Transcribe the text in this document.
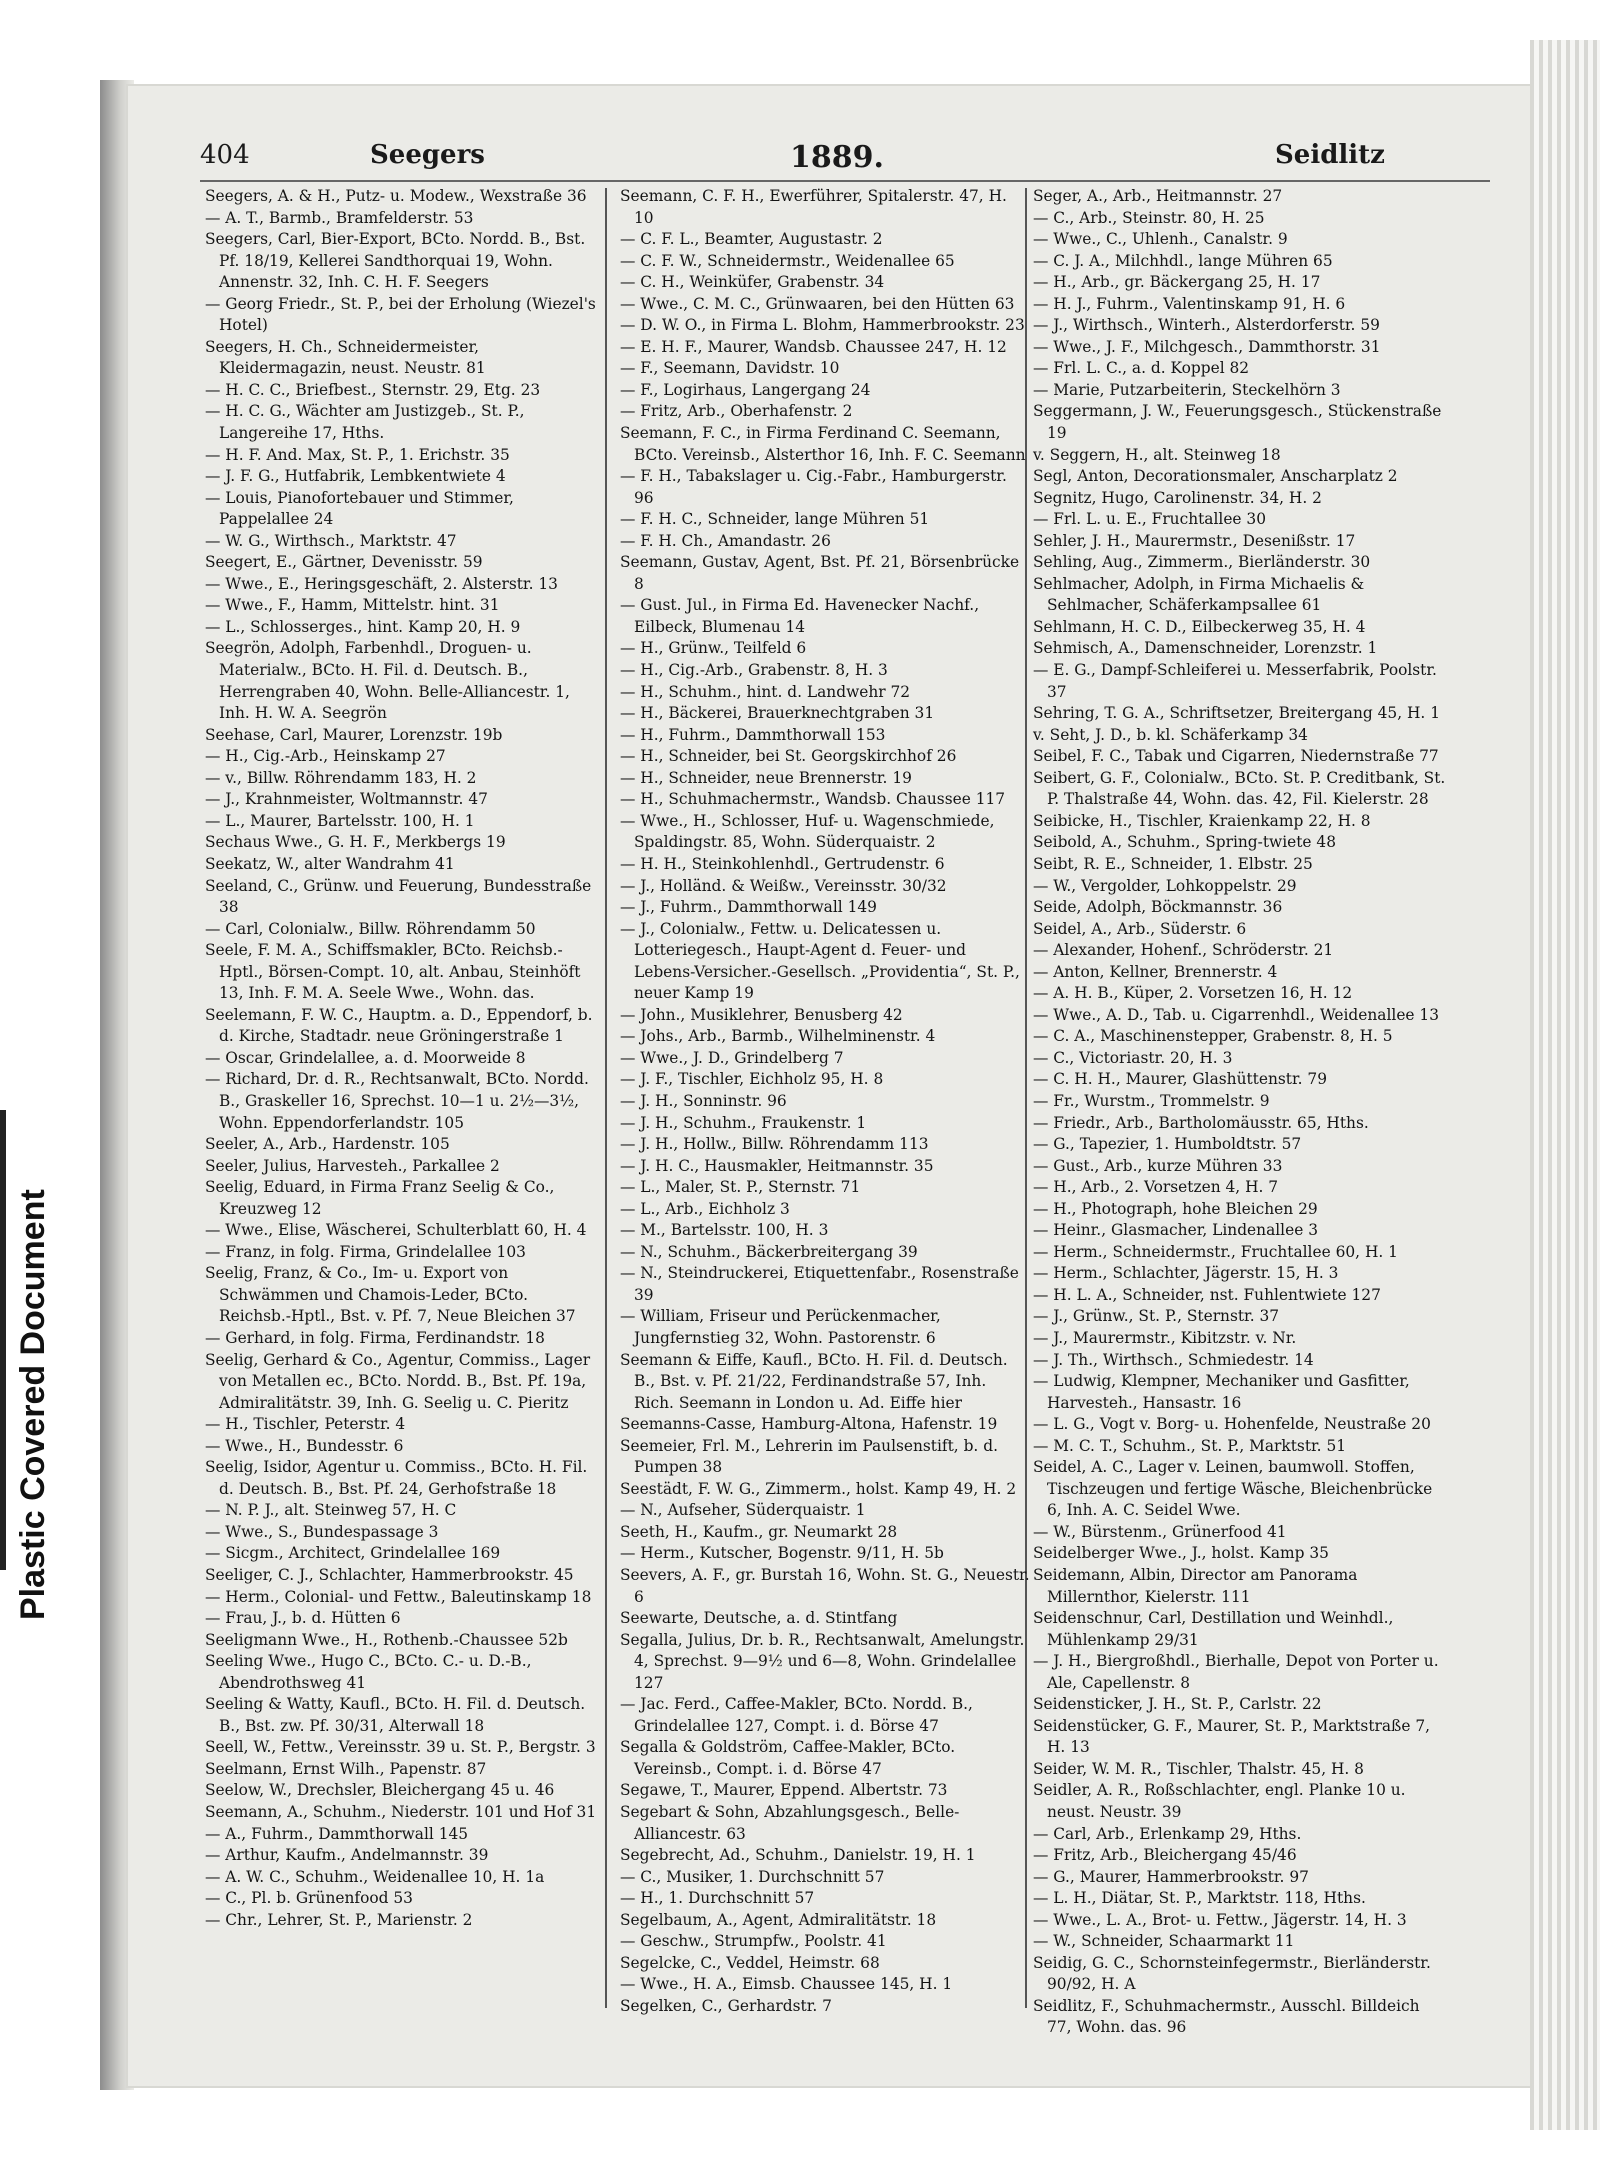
Plastic Covered Document
404	Seegers	1889.	Seidlitz

Seegers, A. & H., Putz- u. Modew., Wexstraße 36

— A. T., Barmb., Bramfelderstr. 53

Seegers, Carl, Bier-Export, BCto. Nordd. B., Bst. Pf. 18/19, Kellerei Sandthorquai 19, Wohn. Annenstr. 32, Inh. C. H. F. Seegers

— Georg Friedr., St. P., bei der Erholung (Wiezel's Hotel)

Seegers, H. Ch., Schneidermeister, Kleidermagazin, neust. Neustr. 81

— H. C. C., Briefbest., Sternstr. 29, Etg. 23

— H. C. G., Wächter am Justizgeb., St. P., Langereihe 17, Hths.

— H. F. And. Max, St. P., 1. Erichstr. 35

— J. F. G., Hutfabrik, Lembkentwiete 4

— Louis, Pianofortebauer und Stimmer, Pappelallee 24

— W. G., Wirthsch., Marktstr. 47

Seegert, E., Gärtner, Devenisstr. 59

— Wwe., E., Heringsgeschäft, 2. Alsterstr. 13

— Wwe., F., Hamm, Mittelstr. hint. 31

— L., Schlosserges., hint. Kamp 20, H. 9

Seegrön, Adolph, Farbenhdl., Droguen- u. Materialw., BCto. H. Fil. d. Deutsch. B., Herrengraben 40, Wohn. Belle-Alliancestr. 1, Inh. H. W. A. Seegrön

Seehase, Carl, Maurer, Lorenzstr. 19b

— H., Cig.-Arb., Heinskamp 27

— v., Billw. Röhrendamm 183, H. 2

— J., Krahnmeister, Woltmannstr. 47

— L., Maurer, Bartelsstr. 100, H. 1

Sechaus Wwe., G. H. F., Merkbergs 19

Seekatz, W., alter Wandrahm 41

Seeland, C., Grünw. und Feuerung, Bundesstraße 38

— Carl, Colonialw., Billw. Röhrendamm 50

Seele, F. M. A., Schiffsmakler, BCto. Reichsb.-Hptl., Börsen-Compt. 10, alt. Anbau, Steinhöft 13, Inh. F. M. A. Seele Wwe., Wohn. das.

Seelemann, F. W. C., Hauptm. a. D., Eppendorf, b. d. Kirche, Stadtadr. neue Gröningerstraße 1

— Oscar, Grindelallee, a. d. Moorweide 8

— Richard, Dr. d. R., Rechtsanwalt, BCto. Nordd. B., Graskeller 16, Sprechst. 10—1 u. 2½—3½, Wohn. Eppendorferlandstr. 105

Seeler, A., Arb., Hardenstr. 105

Seeler, Julius, Harvesteh., Parkallee 2

Seelig, Eduard, in Firma Franz Seelig & Co., Kreuzweg 12

— Wwe., Elise, Wäscherei, Schulterblatt 60, H. 4

— Franz, in folg. Firma, Grindelallee 103

Seelig, Franz, & Co., Im- u. Export von Schwämmen und Chamois-Leder, BCto. Reichsb.-Hptl., Bst. v. Pf. 7, Neue Bleichen 37

— Gerhard, in folg. Firma, Ferdinandstr. 18

Seelig, Gerhard & Co., Agentur, Commiss., Lager von Metallen ec., BCto. Nordd. B., Bst. Pf. 19a, Admiralitätstr. 39, Inh. G. Seelig u. C. Pieritz

— H., Tischler, Peterstr. 4

— Wwe., H., Bundesstr. 6

Seelig, Isidor, Agentur u. Commiss., BCto. H. Fil. d. Deutsch. B., Bst. Pf. 24, Gerhofstraße 18

— N. P. J., alt. Steinweg 57, H. C

— Wwe., S., Bundespassage 3

— Sicgm., Architect, Grindelallee 169

Seeliger, C. J., Schlachter, Hammerbrookstr. 45

— Herm., Colonial- und Fettw., Baleutinskamp 18

— Frau, J., b. d. Hütten 6

Seeligmann Wwe., H., Rothenb.-Chaussee 52b

Seeling Wwe., Hugo C., BCto. C.- u. D.-B., Abendrothsweg 41

Seeling & Watty, Kaufl., BCto. H. Fil. d. Deutsch. B., Bst. zw. Pf. 30/31, Alterwall 18

Seell, W., Fettw., Vereinsstr. 39 u. St. P., Bergstr. 3

Seelmann, Ernst Wilh., Papenstr. 87

Seelow, W., Drechsler, Bleichergang 45 u. 46

Seemann, A., Schuhm., Niederstr. 101 und Hof 31

— A., Fuhrm., Dammthorwall 145

— Arthur, Kaufm., Andelmannstr. 39

— A. W. C., Schuhm., Weidenallee 10, H. 1a

— C., Pl. b. Grünenfood 53

— Chr., Lehrer, St. P., Marienstr. 2

Seemann, C. F. H., Ewerführer, Spitalerstr. 47, H. 10

— C. F. L., Beamter, Augustastr. 2

— C. F. W., Schneidermstr., Weidenallee 65

— C. H., Weinküfer, Grabenstr. 34

— Wwe., C. M. C., Grünwaaren, bei den Hütten 63

— D. W. O., in Firma L. Blohm, Hammerbrookstr. 23

— E. H. F., Maurer, Wandsb. Chaussee 247, H. 12

— F., Seemann, Davidstr. 10

— F., Logirhaus, Langergang 24

— Fritz, Arb., Oberhafenstr. 2

Seemann, F. C., in Firma Ferdinand C. Seemann, BCto. Vereinsb., Alsterthor 16, Inh. F. C. Seemann

— F. H., Tabakslager u. Cig.-Fabr., Hamburgerstr. 96

— F. H. C., Schneider, lange Mühren 51

— F. H. Ch., Amandastr. 26

Seemann, Gustav, Agent, Bst. Pf. 21, Börsenbrücke 8

— Gust. Jul., in Firma Ed. Havenecker Nachf., Eilbeck, Blumenau 14

— H., Grünw., Teilfeld 6

— H., Cig.-Arb., Grabenstr. 8, H. 3

— H., Schuhm., hint. d. Landwehr 72

— H., Bäckerei, Brauerknechtgraben 31

— H., Fuhrm., Dammthorwall 153

— H., Schneider, bei St. Georgskirchhof 26

— H., Schneider, neue Brennerstr. 19

— H., Schuhmachermstr., Wandsb. Chaussee 117

— Wwe., H., Schlosser, Huf- u. Wagenschmiede, Spaldingstr. 85, Wohn. Süderquaistr. 2

— H. H., Steinkohlenhdl., Gertrudenstr. 6

— J., Holländ. & Weißw., Vereinsstr. 30/32

— J., Fuhrm., Dammthorwall 149

— J., Colonialw., Fettw. u. Delicatessen u. Lotteriegesch., Haupt-Agent d. Feuer- und Lebens-Versicher.-Gesellsch. „Providentia“, St. P., neuer Kamp 19

— John., Musiklehrer, Benusberg 42

— Johs., Arb., Barmb., Wilhelminenstr. 4

— Wwe., J. D., Grindelberg 7

— J. F., Tischler, Eichholz 95, H. 8

— J. H., Sonninstr. 96

— J. H., Schuhm., Fraukenstr. 1

— J. H., Hollw., Billw. Röhrendamm 113

— J. H. C., Hausmakler, Heitmannstr. 35

— L., Maler, St. P., Sternstr. 71

— L., Arb., Eichholz 3

— M., Bartelsstr. 100, H. 3

— N., Schuhm., Bäckerbreitergang 39

— N., Steindruckerei, Etiquettenfabr., Rosenstraße 39

— William, Friseur und Perückenmacher, Jungfernstieg 32, Wohn. Pastorenstr. 6

Seemann & Eiffe, Kaufl., BCto. H. Fil. d. Deutsch. B., Bst. v. Pf. 21/22, Ferdinandstraße 57, Inh. Rich. Seemann in London u. Ad. Eiffe hier

Seemanns-Casse, Hamburg-Altona, Hafenstr. 19

Seemeier, Frl. M., Lehrerin im Paulsenstift, b. d. Pumpen 38

Seestädt, F. W. G., Zimmerm., holst. Kamp 49, H. 2

— N., Aufseher, Süderquaistr. 1

Seeth, H., Kaufm., gr. Neumarkt 28

— Herm., Kutscher, Bogenstr. 9/11, H. 5b

Seevers, A. F., gr. Burstah 16, Wohn. St. G., Neuestr. 6

Seewarte, Deutsche, a. d. Stintfang

Segalla, Julius, Dr. b. R., Rechtsanwalt, Amelungstr. 4, Sprechst. 9—9½ und 6—8, Wohn. Grindelallee 127

— Jac. Ferd., Caffee-Makler, BCto. Nordd. B., Grindelallee 127, Compt. i. d. Börse 47

Segalla & Goldström, Caffee-Makler, BCto. Vereinsb., Compt. i. d. Börse 47

Segawe, T., Maurer, Eppend. Albertstr. 73

Segebart & Sohn, Abzahlungsgesch., Belle-Alliancestr. 63

Segebrecht, Ad., Schuhm., Danielstr. 19, H. 1

— C., Musiker, 1. Durchschnitt 57

— H., 1. Durchschnitt 57

Segelbaum, A., Agent, Admiralitätstr. 18

— Geschw., Strumpfw., Poolstr. 41

Segelcke, C., Veddel, Heimstr. 68

— Wwe., H. A., Eimsb. Chaussee 145, H. 1

Segelken, C., Gerhardstr. 7

Seger, A., Arb., Heitmannstr. 27

— C., Arb., Steinstr. 80, H. 25

— Wwe., C., Uhlenh., Canalstr. 9

— C. J. A., Milchhdl., lange Mühren 65

— H., Arb., gr. Bäckergang 25, H. 17

— H. J., Fuhrm., Valentinskamp 91, H. 6

— J., Wirthsch., Winterh., Alsterdorferstr. 59

— Wwe., J. F., Milchgesch., Dammthorstr. 31

— Frl. L. C., a. d. Koppel 82

— Marie, Putzarbeiterin, Steckelhörn 3

Seggermann, J. W., Feuerungsgesch., Stückenstraße 19

v. Seggern, H., alt. Steinweg 18

Segl, Anton, Decorationsmaler, Anscharplatz 2

Segnitz, Hugo, Carolinenstr. 34, H. 2

— Frl. L. u. E., Fruchtallee 30

Sehler, J. H., Maurermstr., Desenißstr. 17

Sehling, Aug., Zimmerm., Bierländerstr. 30

Sehlmacher, Adolph, in Firma Michaelis & Sehlmacher, Schäferkampsallee 61

Sehlmann, H. C. D., Eilbeckerweg 35, H. 4

Sehmisch, A., Damenschneider, Lorenzstr. 1

— E. G., Dampf-Schleiferei u. Messerfabrik, Poolstr. 37

Sehring, T. G. A., Schriftsetzer, Breitergang 45, H. 1

v. Seht, J. D., b. kl. Schäferkamp 34

Seibel, F. C., Tabak und Cigarren, Niedernstraße 77

Seibert, G. F., Colonialw., BCto. St. P. Creditbank, St. P. Thalstraße 44, Wohn. das. 42, Fil. Kielerstr. 28

Seibicke, H., Tischler, Kraienkamp 22, H. 8

Seibold, A., Schuhm., Spring-twiete 48

Seibt, R. E., Schneider, 1. Elbstr. 25

— W., Vergolder, Lohkoppelstr. 29

Seide, Adolph, Böckmannstr. 36

Seidel, A., Arb., Süderstr. 6

— Alexander, Hohenf., Schröderstr. 21

— Anton, Kellner, Brennerstr. 4

— A. H. B., Küper, 2. Vorsetzen 16, H. 12

— Wwe., A. D., Tab. u. Cigarrenhdl., Weidenallee 13

— C. A., Maschinenstepper, Grabenstr. 8, H. 5

— C., Victoriastr. 20, H. 3

— C. H. H., Maurer, Glashüttenstr. 79

— Fr., Wurstm., Trommelstr. 9

— Friedr., Arb., Bartholomäusstr. 65, Hths.

— G., Tapezier, 1. Humboldtstr. 57

— Gust., Arb., kurze Mühren 33

— H., Arb., 2. Vorsetzen 4, H. 7

— H., Photograph, hohe Bleichen 29

— Heinr., Glasmacher, Lindenallee 3

— Herm., Schneidermstr., Fruchtallee 60, H. 1

— Herm., Schlachter, Jägerstr. 15, H. 3

— H. L. A., Schneider, nst. Fuhlentwiete 127

— J., Grünw., St. P., Sternstr. 37

— J., Maurermstr., Kibitzstr. v. Nr.

— J. Th., Wirthsch., Schmiedestr. 14

— Ludwig, Klempner, Mechaniker und Gasfitter, Harvesteh., Hansastr. 16

— L. G., Vogt v. Borg- u. Hohenfelde, Neustraße 20

— M. C. T., Schuhm., St. P., Marktstr. 51

Seidel, A. C., Lager v. Leinen, baumwoll. Stoffen, Tischzeugen und fertige Wäsche, Bleichenbrücke 6, Inh. A. C. Seidel Wwe.

— W., Bürstenm., Grünerfood 41

Seidelberger Wwe., J., holst. Kamp 35

Seidemann, Albin, Director am Panorama Millernthor, Kielerstr. 111

Seidenschnur, Carl, Destillation und Weinhdl., Mühlenkamp 29/31

— J. H., Biergroßhdl., Bierhalle, Depot von Porter u. Ale, Capellenstr. 8

Seidensticker, J. H., St. P., Carlstr. 22

Seidenstücker, G. F., Maurer, St. P., Marktstraße 7, H. 13

Seider, W. M. R., Tischler, Thalstr. 45, H. 8

Seidler, A. R., Roßschlachter, engl. Planke 10 u. neust. Neustr. 39

— Carl, Arb., Erlenkamp 29, Hths.

— Fritz, Arb., Bleichergang 45/46

— G., Maurer, Hammerbrookstr. 97

— L. H., Diätar, St. P., Marktstr. 118, Hths.

— Wwe., L. A., Brot- u. Fettw., Jägerstr. 14, H. 3

— W., Schneider, Schaarmarkt 11

Seidig, G. C., Schornsteinfegermstr., Bierländerstr. 90/92, H. A

Seidlitz, F., Schuhmachermstr., Ausschl. Billdeich 77, Wohn. das. 96
